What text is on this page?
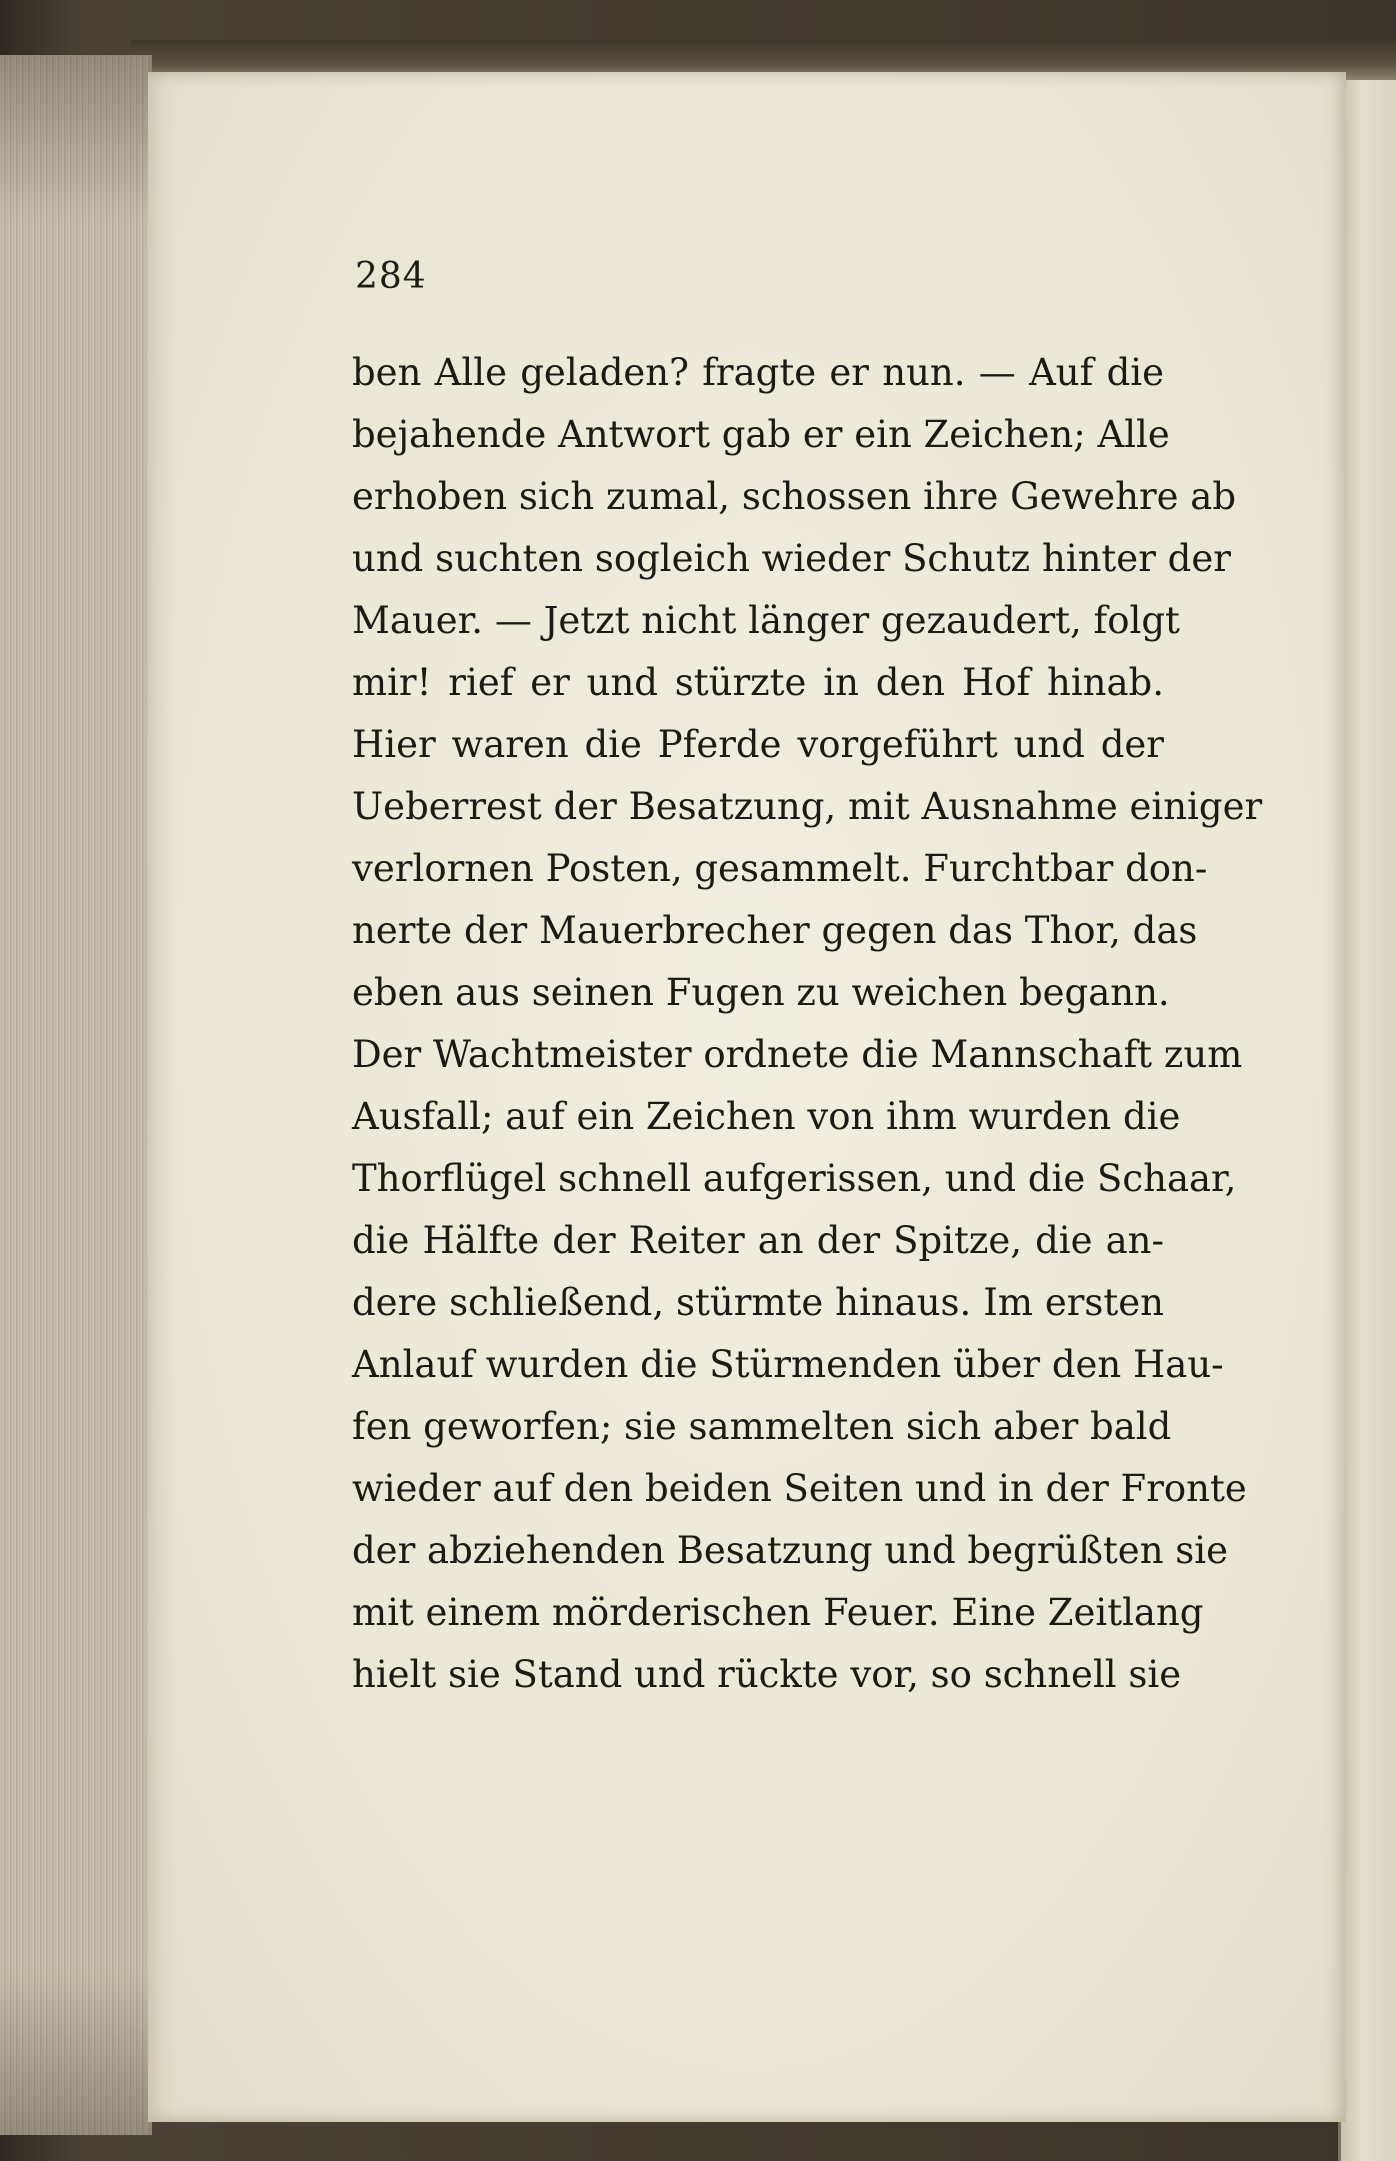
284
ben Alle geladen? fragte er nun. — Auf die
bejahende Antwort gab er ein Zeichen; Alle
erhoben sich zumal, schossen ihre Gewehre ab
und suchten sogleich wieder Schutz hinter der
Mauer. — Jetzt nicht länger gezaudert, folgt
mir! rief er und stürzte in den Hof hinab.
Hier waren die Pferde vorgeführt und der
Ueberrest der Besatzung, mit Ausnahme einiger
verlornen Posten, gesammelt. Furchtbar don-
nerte der Mauerbrecher gegen das Thor, das
eben aus seinen Fugen zu weichen begann.
Der Wachtmeister ordnete die Mannschaft zum
Ausfall; auf ein Zeichen von ihm wurden die
Thorflügel schnell aufgerissen, und die Schaar,
die Hälfte der Reiter an der Spitze, die an-
dere schließend, stürmte hinaus. Im ersten
Anlauf wurden die Stürmenden über den Hau-
fen geworfen; sie sammelten sich aber bald
wieder auf den beiden Seiten und in der Fronte
der abziehenden Besatzung und begrüßten sie
mit einem mörderischen Feuer. Eine Zeitlang
hielt sie Stand und rückte vor, so schnell sie
